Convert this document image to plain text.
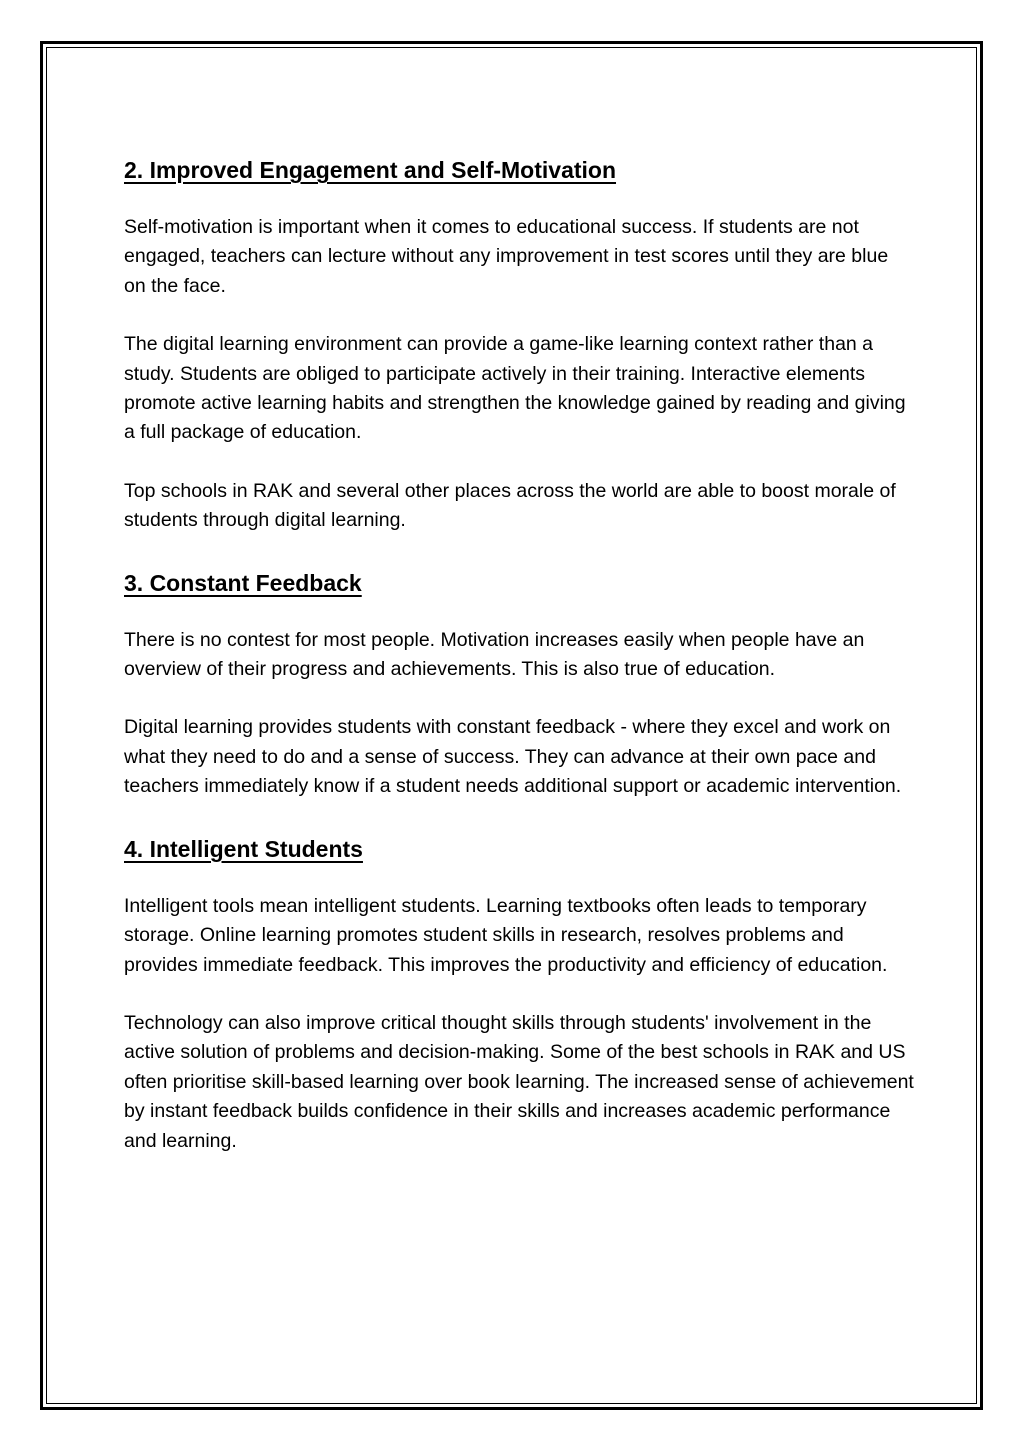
2. Improved Engagement and Self-Motivation

Self-motivation is important when it comes to educational success. If students are not engaged, teachers can lecture without any improvement in test scores until they are blue on the face.

The digital learning environment can provide a game-like learning context rather than a study. Students are obliged to participate actively in their training. Interactive elements promote active learning habits and strengthen the knowledge gained by reading and giving a full package of education.

Top schools in RAK and several other places across the world are able to boost morale of students through digital learning.

3. Constant Feedback

There is no contest for most people. Motivation increases easily when people have an overview of their progress and achievements. This is also true of education.

Digital learning provides students with constant feedback - where they excel and work on what they need to do and a sense of success. They can advance at their own pace and teachers immediately know if a student needs additional support or academic intervention.

4. Intelligent Students

Intelligent tools mean intelligent students. Learning textbooks often leads to temporary storage. Online learning promotes student skills in research, resolves problems and provides immediate feedback. This improves the productivity and efficiency of education.

Technology can also improve critical thought skills through students' involvement in the active solution of problems and decision-making. Some of the best schools in RAK and US often prioritise skill-based learning over book learning. The increased sense of achievement by instant feedback builds confidence in their skills and increases academic performance and learning.
